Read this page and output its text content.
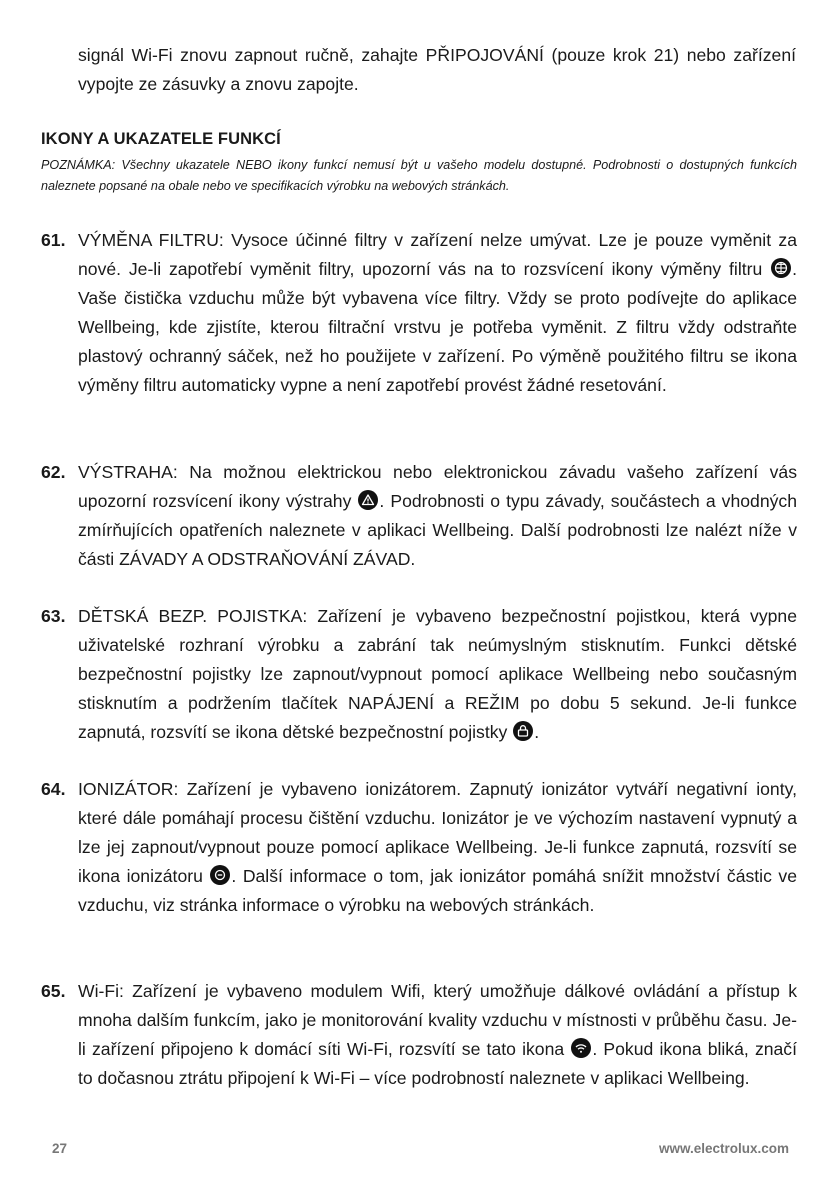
signál Wi-Fi znovu zapnout ručně, zahajte PŘIPOJOVÁNÍ (pouze krok 21) nebo zařízení vypojte ze zásuvky a znovu zapojte.
IKONY A UKAZATELE FUNKCÍ
POZNÁMKA: Všechny ukazatele NEBO ikony funkcí nemusí být u vašeho modelu dostupné. Podrobnosti o dostupných funkcích naleznete popsané na obale nebo ve specifikacích výrobku na webových stránkách.
61. VÝMĚNA FILTRU: Vysoce účinné filtry v zařízení nelze umývat. Lze je pouze vyměnit za nové. Je-li zapotřebí vyměnit filtry, upozorní vás na to rozsvícení ikony výměny filtru
. Vaše čistička vzduchu může být vybavena více filtry. Vždy se proto podívejte do aplikace Wellbeing, kde zjistíte, kterou filtrační vrstvu je potřeba vyměnit. Z filtru vždy odstraňte plastový ochranný sáček, než ho použijete v zařízení. Po výměně použitého filtru se ikona výměny filtru automaticky vypne a není zapotřebí provést žádné resetování.
62. VÝSTRAHA: Na možnou elektrickou nebo elektronickou závadu vašeho zařízení vás upozorní rozsvícení ikony výstrahy
. Podrobnosti o typu závady, součástech a vhodných zmírňujících opatřeních naleznete v aplikaci Wellbeing. Další podrobnosti lze nalézt níže v části ZÁVADY A ODSTRAŇOVÁNÍ ZÁVAD.
63. DĚTSKÁ BEZP. POJISTKA: Zařízení je vybaveno bezpečnostní pojistkou, která vypne uživatelské rozhraní výrobku a zabrání tak neúmyslným stisknutím. Funkci dětské bezpečnostní pojistky lze zapnout/vypnout pomocí aplikace Wellbeing nebo současným stisknutím a podržením tlačítek NAPÁJENÍ a REŽIM po dobu 5 sekund. Je-li funkce zapnutá, rozsvítí se ikona dětské bezpečnostní pojistky
.
64. IONIZÁTOR: Zařízení je vybaveno ionizátorem. Zapnutý ionizátor vytváří negativní ionty, které dále pomáhají procesu čištění vzduchu. Ionizátor je ve výchozím nastavení vypnutý a lze jej zapnout/vypnout pouze pomocí aplikace Wellbeing. Je-li funkce zapnutá, rozsvítí se ikona ionizátoru
. Další informace o tom, jak ionizátor pomáhá snížit množství částic ve vzduchu, viz stránka informace o výrobku na webových stránkách.
65. Wi-Fi: Zařízení je vybaveno modulem Wifi, který umožňuje dálkové ovládání a přístup k mnoha dalším funkcím, jako je monitorování kvality vzduchu v místnosti v průběhu času. Je-li zařízení připojeno k domácí síti Wi-Fi, rozsvítí se tato ikona
. Pokud ikona bliká, značí to dočasnou ztrátu připojení k Wi-Fi – více podrobností naleznete v aplikaci Wellbeing.
27	www.electrolux.com
